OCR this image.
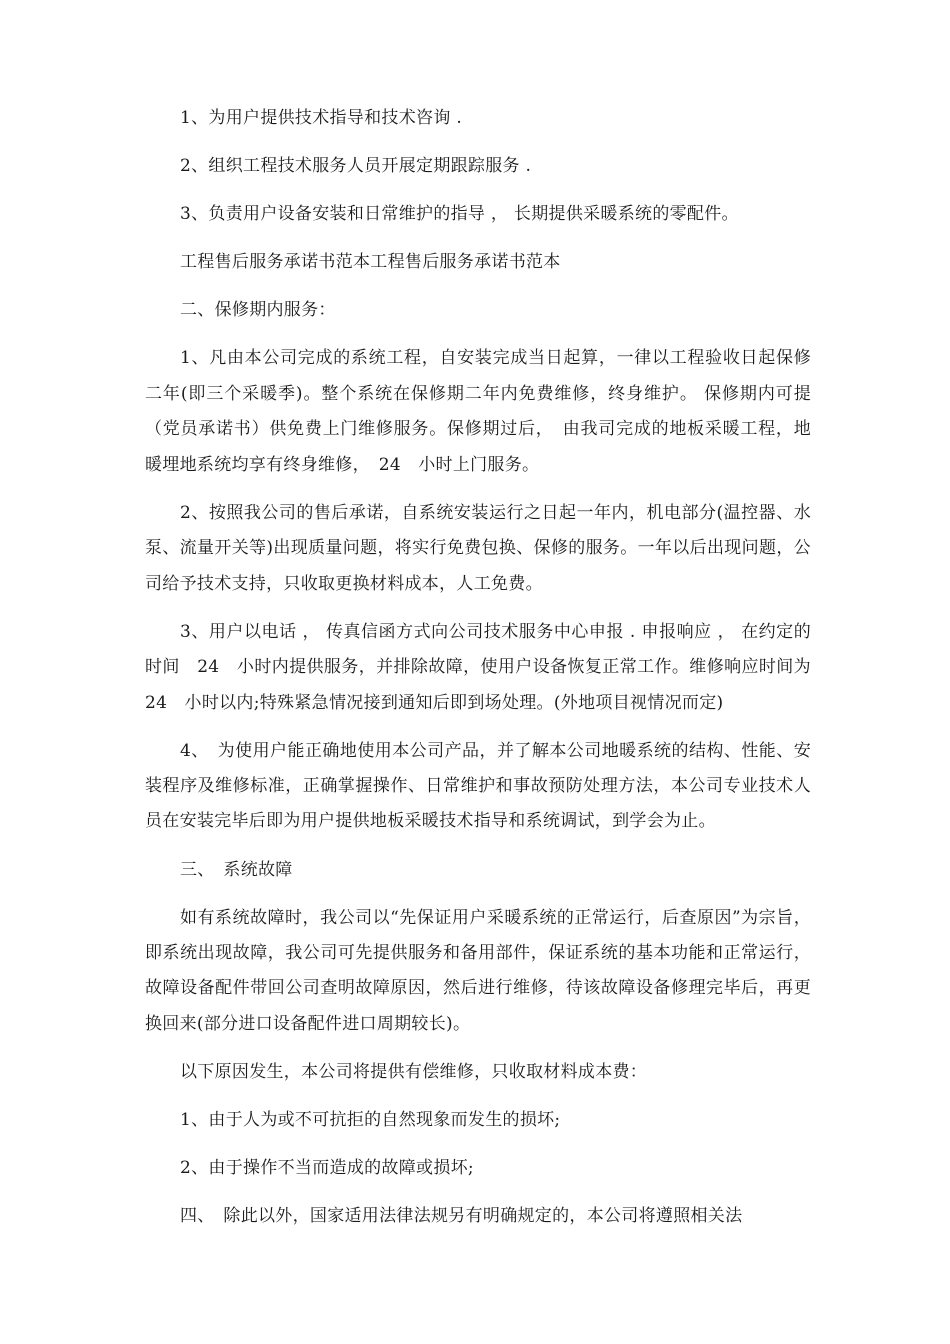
1、为用户提供技术指导和技术咨询 .

2、组织工程技术服务人员开展定期跟踪服务 .

3、负责用户设备安装和日常维护的指导 ， 长期提供采暖系统的零配件。

工程售后服务承诺书范本工程售后服务承诺书范本

二、保修期内服务：

1、凡由本公司完成的系统工程，自安装完成当日起算，一律以工程验收日起保修二年(即三个采暖季)。整个系统在保修期二年内免费维修，终身维护。 保修期内可提（党员承诺书）供免费上门维修服务。保修期过后，　由我司完成的地板采暖工程，地暖埋地系统均享有终身维修，　24　小时上门服务。

2、按照我公司的售后承诺，自系统安装运行之日起一年内，机电部分(温控器、水泵、流量开关等)出现质量问题，将实行免费包换、保修的服务。一年以后出现问题，公司给予技术支持，只收取更换材料成本，人工免费。

3、用户以电话 ， 传真信函方式向公司技术服务中心申报 . 申报响应 ， 在约定的时间　24　小时内提供服务，并排除故障，使用户设备恢复正常工作。维修响应时间为　24　小时以内;特殊紧急情况接到通知后即到场处理。(外地项目视情况而定)

4、　为使用户能正确地使用本公司产品，并了解本公司地暖系统的结构、性能、安装程序及维修标准，正确掌握操作、日常维护和事故预防处理方法，本公司专业技术人员在安装完毕后即为用户提供地板采暖技术指导和系统调试，到学会为止。

三、　系统故障

如有系统故障时，我公司以“先保证用户采暖系统的正常运行，后查原因”为宗旨，即系统出现故障，我公司可先提供服务和备用部件，保证系统的基本功能和正常运行，故障设备配件带回公司查明故障原因，然后进行维修，待该故障设备修理完毕后，再更换回来(部分进口设备配件进口周期较长)。

以下原因发生，本公司将提供有偿维修，只收取材料成本费：

1、由于人为或不可抗拒的自然现象而发生的损坏;

2、由于操作不当而造成的故障或损坏;

四、　除此以外，国家适用法律法规另有明确规定的，本公司将遵照相关法
